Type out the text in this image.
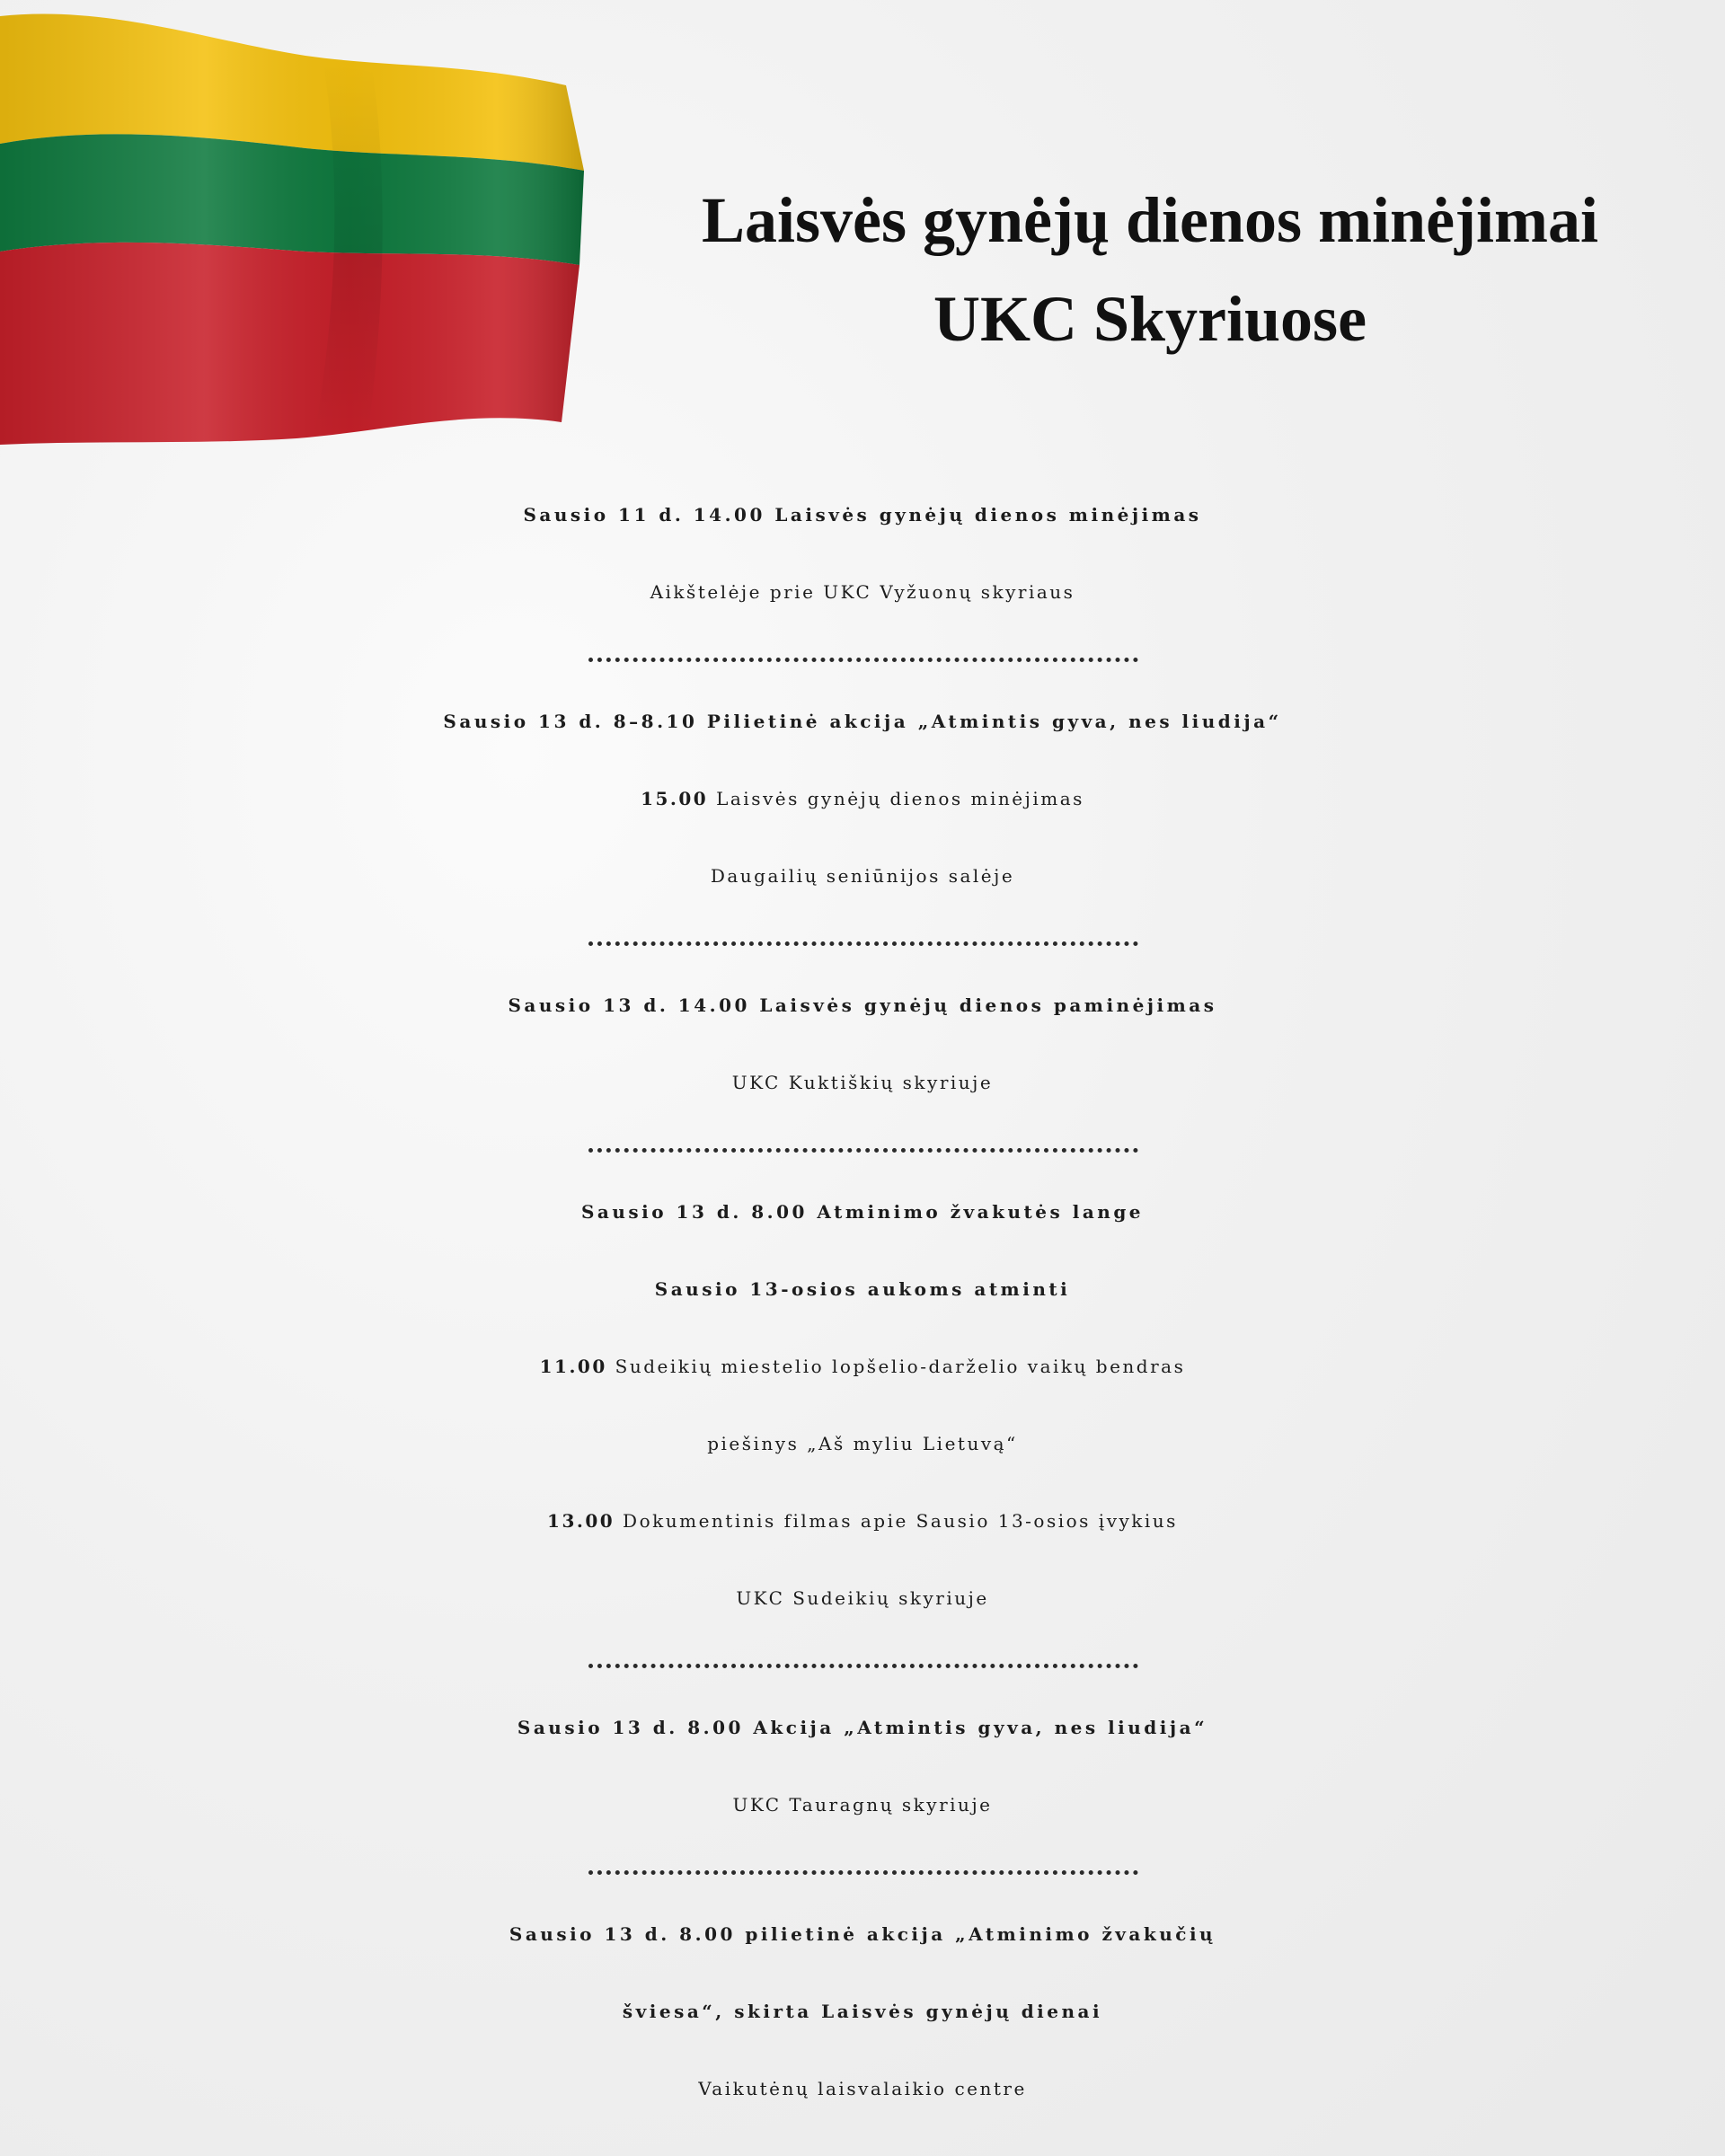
Laisvės gynėjų dienos minėjimai
UKC Skyriuose
Sausio 11 d. 14.00 Laisvės gynėjų dienos minėjimas
Aikštelėje prie UKC Vyžuonų skyriaus
Sausio 13 d. 8–8.10 Pilietinė akcija „Atmintis gyva, nes liudija“
15.00 Laisvės gynėjų dienos minėjimas
Daugailių seniūnijos salėje
Sausio 13 d. 14.00 Laisvės gynėjų dienos paminėjimas
UKC Kuktiškių skyriuje
Sausio 13 d. 8.00 Atminimo žvakutės lange
Sausio 13-osios aukoms atminti
11.00 Sudeikių miestelio lopšelio-darželio vaikų bendras
piešinys „Aš myliu Lietuvą“
13.00 Dokumentinis filmas apie Sausio 13-osios įvykius
UKC Sudeikių skyriuje
Sausio 13 d. 8.00 Akcija „Atmintis gyva, nes liudija“
UKC Tauragnų skyriuje
Sausio 13 d. 8.00 pilietinė akcija „Atminimo žvakučių
šviesa“, skirta Laisvės gynėjų dienai
Vaikutėnų laisvalaikio centre
